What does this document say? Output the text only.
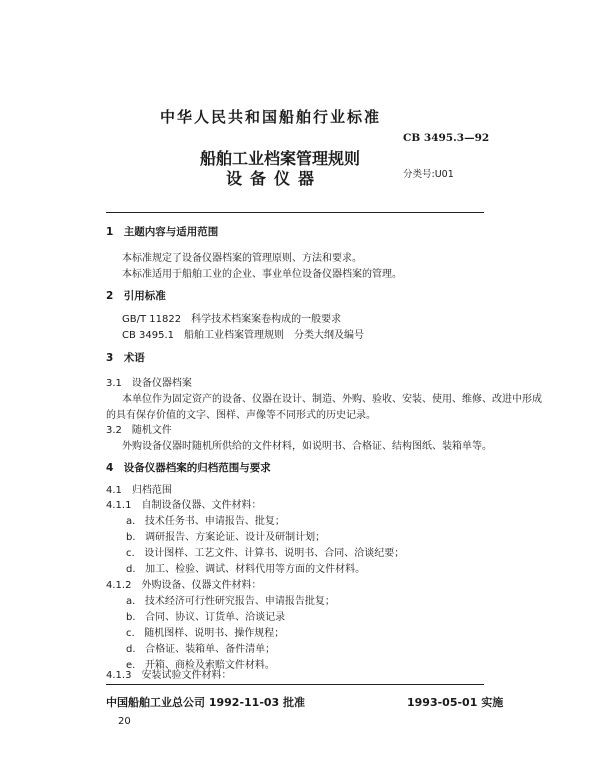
中华人民共和国船舶行业标准
CB 3495.3—92
船舶工业档案管理规则
设备仪器	分类号:U01
1　主题内容与适用范围
本标准规定了设备仪器档案的管理原则、方法和要求。
本标准适用于船舶工业的企业、事业单位设备仪器档案的管理。
2　引用标准
GB/T 11822　科学技术档案案卷构成的一般要求
CB 3495.1　船舶工业档案管理规则　分类大纲及编号
3　术语
3.1　设备仪器档案
本单位作为固定资产的设备、仪器在设计、制造、外购、验收、安装、使用、维修、改进中形成
的具有保存价值的文字、图样、声像等不同形式的历史记录。
3.2　随机文件
外购设备仪器时随机所供给的文件材料，如说明书、合格证、结构图纸、装箱单等。
4　设备仪器档案的归档范围与要求
4.1　归档范围
4.1.1　自制设备仪器、文件材料：
a. 技术任务书、申请报告、批复；
b. 调研报告、方案论证、设计及研制计划；
c. 设计图样、工艺文件、计算书、说明书、合同、洽谈纪要；
d. 加工、检验、调试、材料代用等方面的文件材料。
4.1.2　外购设备、仪器文件材料：
a. 技术经济可行性研究报告、申请报告批复；
b. 合同、协议、订货单、洽谈记录
c. 随机图样、说明书、操作规程；
d. 合格证、装箱单、备件清单；
e. 开箱、商检及索赔文件材料。
4.1.3　安装试验文件材料：
中国船舶工业总公司 1992-11-03 批准	1993-05-01 实施
20
